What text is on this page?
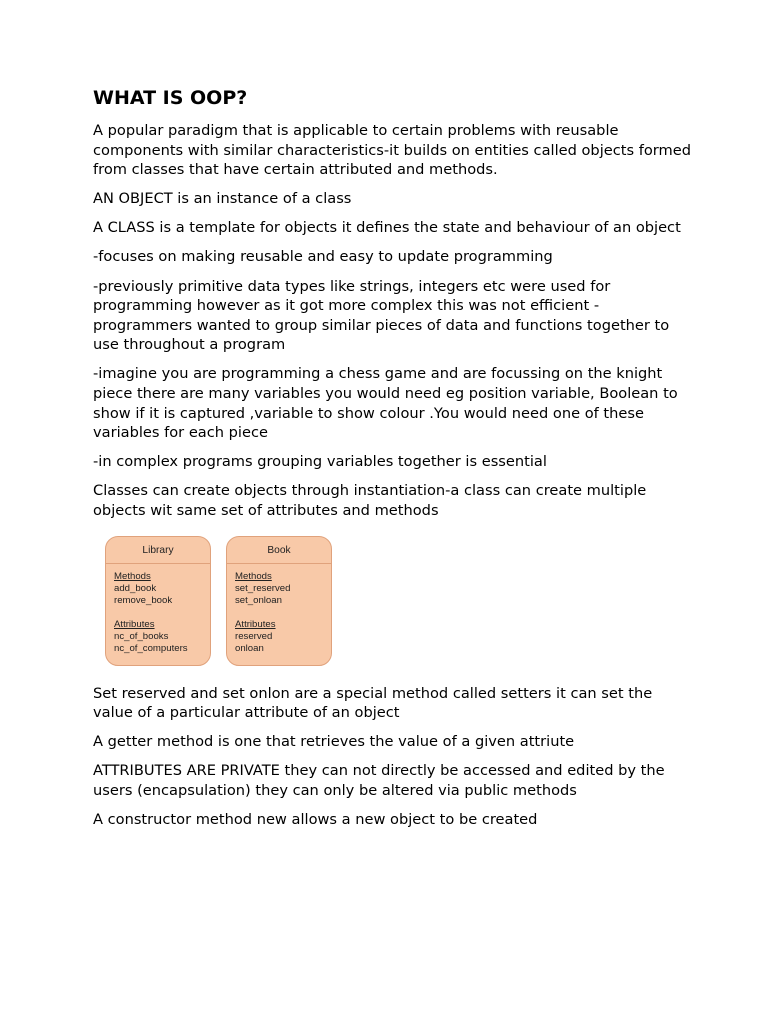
WHAT IS OOP?

A popular paradigm that is applicable to certain problems with reusable components with similar characteristics-it builds on entities called objects formed from classes that have certain attributed and methods.

AN OBJECT is an instance of a class

A CLASS is a template for objects it defines the state and behaviour of an object

-focuses on making reusable and easy to update programming

-previously primitive data types like strings, integers etc were used for programming however as it got more complex this was not efficient - programmers wanted to group similar pieces of data and functions together to use throughout a program

-imagine you are programming a chess game and are focussing on the knight piece there are many variables you would need eg position variable, Boolean to show if it is captured ,variable to show colour .You would need one of these variables for each piece

-in complex programs grouping variables together is essential

Classes can create objects through instantiation-a class can create multiple objects wit same set of attributes and methods

Library
Methods
add_book
remove_book
Attributes
nc_of_books
nc_of_computers
Book
Methods
set_reserved
set_onloan
Attributes
reserved
onloan

Set reserved and set onlon are a special method called setters it can set the value of a particular attribute of an object

A getter method is one that retrieves the value of a given attriute

ATTRIBUTES ARE PRIVATE they can not directly be accessed and edited by the users (encapsulation) they can only be altered via public methods

A constructor method new allows a new object to be created
